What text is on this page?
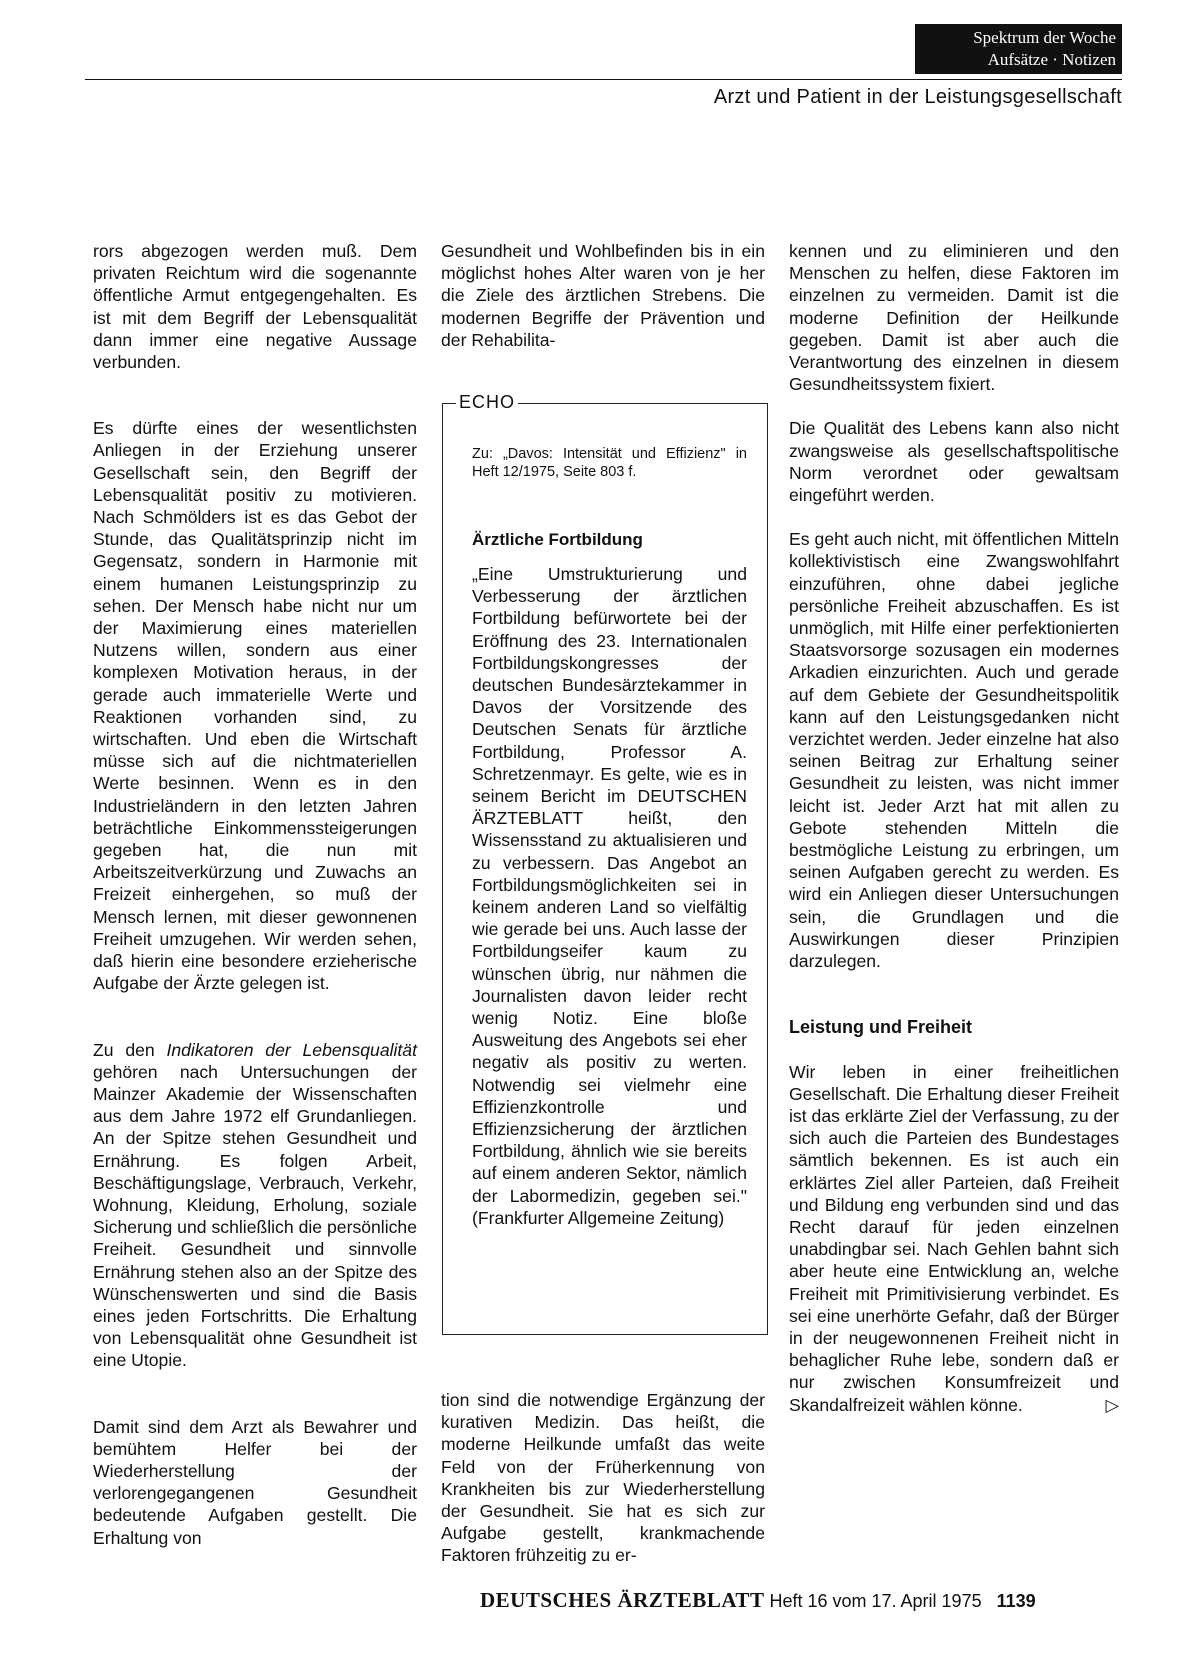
Spektrum der Woche
Aufsätze · Notizen
Arzt und Patient in der Leistungsgesellschaft

rors abgezogen werden muß. Dem privaten Reichtum wird die sogenannte öffentliche Armut entgegengehalten. Es ist mit dem Begriff der Lebensqualität dann immer eine negative Aussage verbunden.

Es dürfte eines der wesentlichsten Anliegen in der Erziehung unserer Gesellschaft sein, den Begriff der Lebensqualität positiv zu motivieren. Nach Schmölders ist es das Gebot der Stunde, das Qualitätsprinzip nicht im Gegensatz, sondern in Harmonie mit einem humanen Leistungsprinzip zu sehen. Der Mensch habe nicht nur um der Maximierung eines materiellen Nutzens willen, sondern aus einer komplexen Motivation heraus, in der gerade auch immaterielle Werte und Reaktionen vorhanden sind, zu wirtschaften. Und eben die Wirtschaft müsse sich auf die nichtmateriellen Werte besinnen. Wenn es in den Industrieländern in den letzten Jahren beträchtliche Einkommenssteigerungen gegeben hat, die nun mit Arbeitszeitverkürzung und Zuwachs an Freizeit einhergehen, so muß der Mensch lernen, mit dieser gewonnenen Freiheit umzugehen. Wir werden sehen, daß hierin eine besondere erzieherische Aufgabe der Ärzte gelegen ist.

Zu den Indikatoren der Lebensqualität gehören nach Untersuchungen der Mainzer Akademie der Wissenschaften aus dem Jahre 1972 elf Grundanliegen. An der Spitze stehen Gesundheit und Ernährung. Es folgen Arbeit, Beschäftigungslage, Verbrauch, Verkehr, Wohnung, Kleidung, Erholung, soziale Sicherung und schließlich die persönliche Freiheit. Gesundheit und sinnvolle Ernährung stehen also an der Spitze des Wünschenswerten und sind die Basis eines jeden Fortschritts. Die Erhaltung von Lebensqualität ohne Gesundheit ist eine Utopie.

Damit sind dem Arzt als Bewahrer und bemühtem Helfer bei der Wiederherstellung der verlorengegangenen Gesundheit bedeutende Aufgaben gestellt. Die Erhaltung von

Gesundheit und Wohlbefinden bis in ein möglichst hohes Alter waren von je her die Ziele des ärztlichen Strebens. Die modernen Begriffe der Prävention und der Rehabilita-

ECHO
Zu: „Davos: Intensität und Effizienz" in Heft 12/1975, Seite 803 f.
Ärztliche Fortbildung
„Eine Umstrukturierung und Verbesserung der ärztlichen Fortbildung befürwortete bei der Eröffnung des 23. Internationalen Fortbildungskongresses der deutschen Bundesärztekammer in Davos der Vorsitzende des Deutschen Senats für ärztliche Fortbildung, Professor A. Schretzenmayr. Es gelte, wie es in seinem Bericht im DEUTSCHEN ÄRZTEBLATT heißt, den Wissensstand zu aktualisieren und zu verbessern. Das Angebot an Fortbildungsmöglichkeiten sei in keinem anderen Land so vielfältig wie gerade bei uns. Auch lasse der Fortbildungseifer kaum zu wünschen übrig, nur nähmen die Journalisten davon leider recht wenig Notiz. Eine bloße Ausweitung des Angebots sei eher negativ als positiv zu werten. Notwendig sei vielmehr eine Effizienzkontrolle und Effizienzsicherung der ärztlichen Fortbildung, ähnlich wie sie bereits auf einem anderen Sektor, nämlich der Labormedizin, gegeben sei." (Frankfurter Allgemeine Zeitung)

tion sind die notwendige Ergänzung der kurativen Medizin. Das heißt, die moderne Heilkunde umfaßt das weite Feld von der Früherkennung von Krankheiten bis zur Wiederherstellung der Gesundheit. Sie hat es sich zur Aufgabe gestellt, krankmachende Faktoren frühzeitig zu er-

kennen und zu eliminieren und den Menschen zu helfen, diese Faktoren im einzelnen zu vermeiden. Damit ist die moderne Definition der Heilkunde gegeben. Damit ist aber auch die Verantwortung des einzelnen in diesem Gesundheitssystem fixiert.

Die Qualität des Lebens kann also nicht zwangsweise als gesellschaftspolitische Norm verordnet oder gewaltsam eingeführt werden.

Es geht auch nicht, mit öffentlichen Mitteln kollektivistisch eine Zwangswohlfahrt einzuführen, ohne dabei jegliche persönliche Freiheit abzuschaffen. Es ist unmöglich, mit Hilfe einer perfektionierten Staatsvorsorge sozusagen ein modernes Arkadien einzurichten. Auch und gerade auf dem Gebiete der Gesundheitspolitik kann auf den Leistungsgedanken nicht verzichtet werden. Jeder einzelne hat also seinen Beitrag zur Erhaltung seiner Gesundheit zu leisten, was nicht immer leicht ist. Jeder Arzt hat mit allen zu Gebote stehenden Mitteln die bestmögliche Leistung zu erbringen, um seinen Aufgaben gerecht zu werden. Es wird ein Anliegen dieser Untersuchungen sein, die Grundlagen und die Auswirkungen dieser Prinzipien darzulegen.

Leistung und Freiheit

Wir leben in einer freiheitlichen Gesellschaft. Die Erhaltung dieser Freiheit ist das erklärte Ziel der Verfassung, zu der sich auch die Parteien des Bundestages sämtlich bekennen. Es ist auch ein erklärtes Ziel aller Parteien, daß Freiheit und Bildung eng verbunden sind und das Recht darauf für jeden einzelnen unabdingbar sei. Nach Gehlen bahnt sich aber heute eine Entwicklung an, welche Freiheit mit Primitivisierung verbindet. Es sei eine unerhörte Gefahr, daß der Bürger in der neugewonnenen Freiheit nicht in behaglicher Ruhe lebe, sondern daß er nur zwischen Konsumfreizeit und Skandalfreizeit wählen könne.	▷

DEUTSCHES ÄRZTEBLATT Heft 16 vom 17. April 1975 1139
